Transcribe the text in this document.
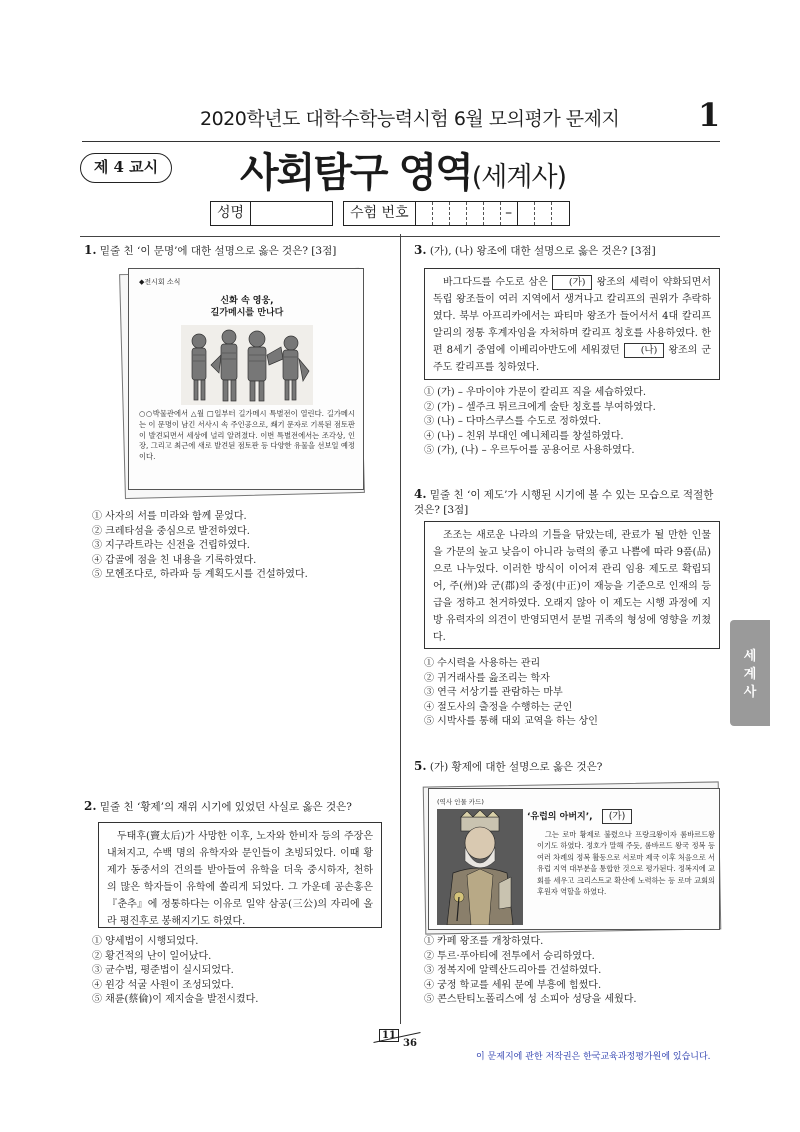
2020학년도 대학수학능력시험 6월 모의평가 문제지 1
제 4 교시	사회탐구 영역(세계사)
성명	수험 번호	–
1. 밑줄 친 ‘이 문명’에 대한 설명으로 옳은 것은? [3점]
◆전시회 소식
신화 속 영웅,
길가메시를 만나다
○○박물관에서 △월 □일부터 길가메시 특별전이 열린다. 길가메시는 이 문명이 남긴 서사시 속 주인공으로, 쐐기 문자로 기록된 점토판이 발견되면서 세상에 널리 알려졌다. 이번 특별전에서는 조각상, 인장, 그리고 최근에 새로 발견된 점토판 등 다양한 유물을 선보일 예정이다.
① 사자의 서를 미라와 함께 묻었다.
② 크레타섬을 중심으로 발전하였다.
③ 지구라트라는 신전을 건립하였다.
④ 갑골에 점을 친 내용을 기록하였다.
⑤ 모헨조다로, 하라파 등 계획도시를 건설하였다.
2. 밑줄 친 ‘황제’의 재위 시기에 있었던 사실로 옳은 것은?
두태후(竇太后)가 사망한 이후, 노자와 한비자 등의 주장은 내쳐지고, 수백 명의 유학자와 문인들이 초빙되었다. 이때 황제가 동중서의 건의를 받아들여 유학을 더욱 중시하자, 천하의 많은 학자들이 유학에 쏠리게 되었다. 그 가운데 공손홍은 『춘추』에 정통하다는 이유로 일약 삼공(三公)의 자리에 올라 평진후로 봉해지기도 하였다.
① 양세법이 시행되었다.
② 황건적의 난이 일어났다.
③ 균수법, 평준법이 실시되었다.
④ 윈강 석굴 사원이 조성되었다.
⑤ 채륜(蔡倫)이 제지술을 발전시켰다.
3. (가), (나) 왕조에 대한 설명으로 옳은 것은? [3점]
바그다드를 수도로 삼은 (가) 왕조의 세력이 약화되면서 독립 왕조들이 여러 지역에서 생겨나고 칼리프의 권위가 추락하였다. 북부 아프리카에서는 파티마 왕조가 들어서서 4대 칼리프 알리의 정통 후계자임을 자처하며 칼리프 칭호를 사용하였다. 한편 8세기 중엽에 이베리아반도에 세워졌던 (나) 왕조의 군주도 칼리프를 칭하였다.
① (가) – 우마이야 가문이 칼리프 직을 세습하였다.
② (가) – 셀주크 튀르크에게 술탄 칭호를 부여하였다.
③ (나) – 다마스쿠스를 수도로 정하였다.
④ (나) – 친위 부대인 예니체리를 창설하였다.
⑤ (가), (나) – 우르두어를 공용어로 사용하였다.
4. 밑줄 친 ‘이 제도’가 시행된 시기에 볼 수 있는 모습으로 적절한 것은? [3점]
조조는 새로운 나라의 기틀을 닦았는데, 관료가 될 만한 인물을 가문의 높고 낮음이 아니라 능력의 좋고 나쁨에 따라 9품(品)으로 나누었다. 이러한 방식이 이어져 관리 임용 제도로 확립되어, 주(州)와 군(郡)의 중정(中正)이 재능을 기준으로 인재의 등급을 정하고 천거하였다. 오래지 않아 이 제도는 시행 과정에 지방 유력자의 의견이 반영되면서 문벌 귀족의 형성에 영향을 끼쳤다.
① 수시력을 사용하는 관리
② 귀거래사를 읊조리는 학자
③ 연극 서상기를 관람하는 마부
④ 절도사의 출정을 수행하는 군인
⑤ 시박사를 통해 대외 교역을 하는 상인
5. (가) 황제에 대한 설명으로 옳은 것은?
(역사 인물 카드)
‘유럽의 아버지’, (가)
그는 로마 황제로 불렸으나 프랑크왕이자 롬바르드왕이기도 하였다. 정호가 말해 주듯, 롬바르드 왕국 정복 등 여러 차례의 정복 활동으로 서로마 제국 이후 처음으로 서유럽 지역 대부분을 통합한 것으로 평가된다. 정복지에 교회를 세우고 크리스트교 확산에 노력하는 등 로마 교회의 후원자 역할을 하였다.
① 카페 왕조를 개창하였다.
② 투르·푸아티에 전투에서 승리하였다.
③ 정복지에 알렉산드리아를 건설하였다.
④ 궁정 학교를 세워 문예 부흥에 힘썼다.
⑤ 콘스탄티노폴리스에 성 소피아 성당을 세웠다.
세
계
사
11
36
이 문제지에 관한 저작권은 한국교육과정평가원에 있습니다.
